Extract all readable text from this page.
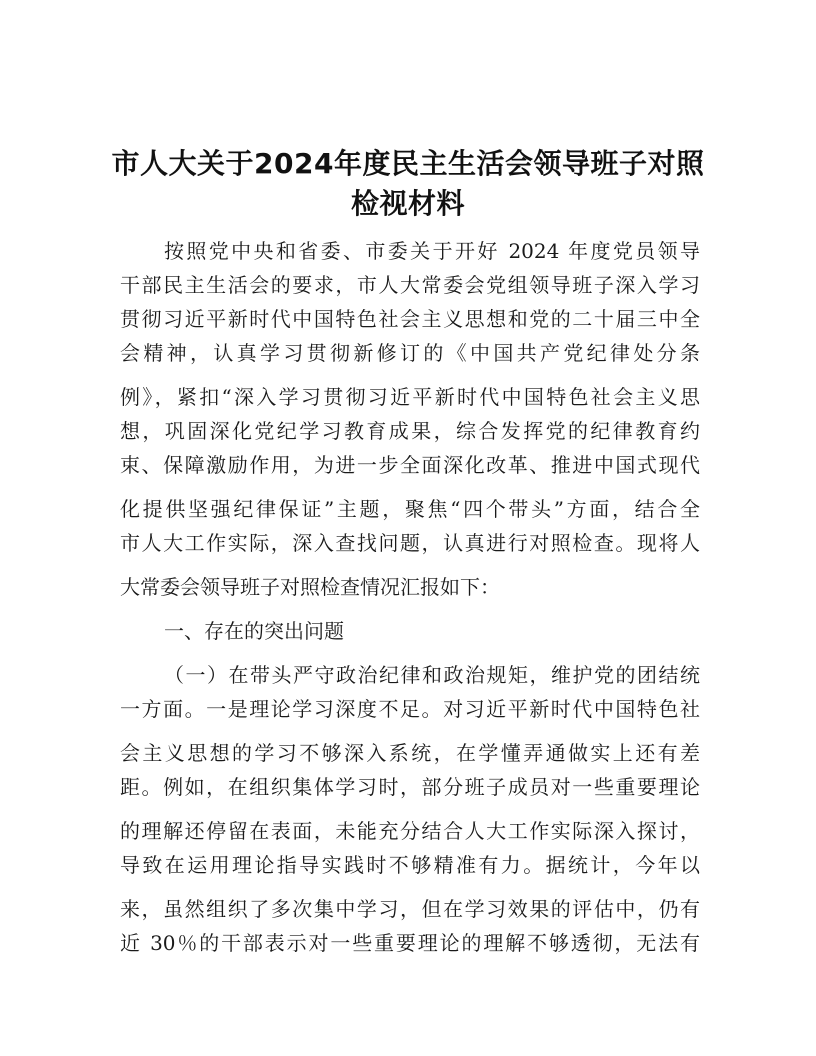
市人大关于2024年度民主生活会领导班子对照
检视材料
按照党中央和省委、市委关于开好 2024 年度党员领导
干部民主生活会的要求，市人大常委会党组领导班子深入学习
贯彻习近平新时代中国特色社会主义思想和党的二十届三中全
会精神，认真学习贯彻新修订的《中国共产党纪律处分条
例》，紧扣“深入学习贯彻习近平新时代中国特色社会主义思
想，巩固深化党纪学习教育成果，综合发挥党的纪律教育约
束、保障激励作用，为进一步全面深化改革、推进中国式现代
化提供坚强纪律保证”主题，聚焦“四个带头”方面，结合全
市人大工作实际，深入查找问题，认真进行对照检查。现将人
大常委会领导班子对照检查情况汇报如下：
一、存在的突出问题
（一）在带头严守政治纪律和政治规矩，维护党的团结统
一方面。一是理论学习深度不足。对习近平新时代中国特色社
会主义思想的学习不够深入系统，在学懂弄通做实上还有差
距。例如，在组织集体学习时，部分班子成员对一些重要理论
的理解还停留在表面，未能充分结合人大工作实际深入探讨，
导致在运用理论指导实践时不够精准有力。据统计，今年以
来，虽然组织了多次集中学习，但在学习效果的评估中，仍有
近 30％的干部表示对一些重要理论的理解不够透彻，无法有
